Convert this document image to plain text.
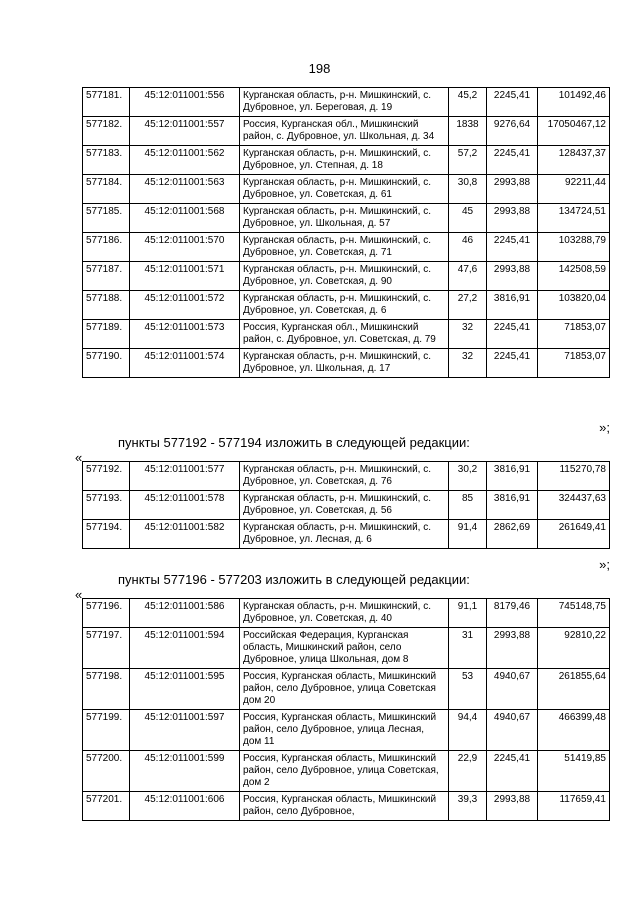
198
577181.	45:12:011001:556	Курганская область, р-н. Мишкинский, с. Дубровное, ул. Береговая, д. 19	45,2	2245,41	101492,46
577182.	45:12:011001:557	Россия, Курганская обл., Мишкинский район, с. Дубровное, ул. Школьная, д. 34	1838	9276,64	17050467,12
577183.	45:12:011001:562	Курганская область, р-н. Мишкинский, с. Дубровное, ул. Степная, д. 18	57,2	2245,41	128437,37
577184.	45:12:011001:563	Курганская область, р-н. Мишкинский, с. Дубровное, ул. Советская, д. 61	30,8	2993,88	92211,44
577185.	45:12:011001:568	Курганская область, р-н. Мишкинский, с. Дубровное, ул. Школьная, д. 57	45	2993,88	134724,51
577186.	45:12:011001:570	Курганская область, р-н. Мишкинский, с. Дубровное, ул. Советская, д. 71	46	2245,41	103288,79
577187.	45:12:011001:571	Курганская область, р-н. Мишкинский, с. Дубровное, ул. Советская, д. 90	47,6	2993,88	142508,59
577188.	45:12:011001:572	Курганская область, р-н. Мишкинский, с. Дубровное, ул. Советская, д. 6	27,2	3816,91	103820,04
577189.	45:12:011001:573	Россия, Курганская обл., Мишкинский район, с. Дубровное, ул. Советская, д. 79	32	2245,41	71853,07
577190.	45:12:011001:574	Курганская область, р-н. Мишкинский, с. Дубровное, ул. Школьная, д. 17	32	2245,41	71853,07
»;
пункты 577192 - 577194 изложить в следующей редакции:
«
577192.	45:12:011001:577	Курганская область, р-н. Мишкинский, с. Дубровное, ул. Советская, д. 76	30,2	3816,91	115270,78
577193.	45:12:011001:578	Курганская область, р-н. Мишкинский, с. Дубровное, ул. Советская, д. 56	85	3816,91	324437,63
577194.	45:12:011001:582	Курганская область, р-н. Мишкинский, с. Дубровное, ул. Лесная, д. 6	91,4	2862,69	261649,41
»;
пункты 577196 - 577203 изложить в следующей редакции:
«
577196.	45:12:011001:586	Курганская область, р-н. Мишкинский, с. Дубровное, ул. Советская, д. 40	91,1	8179,46	745148,75
577197.	45:12:011001:594	Российская Федерация, Курганская область, Мишкинский район, село Дубровное, улица Школьная, дом 8	31	2993,88	92810,22
577198.	45:12:011001:595	Россия, Курганская область, Мишкинский район, село Дубровное, улица Советская дом 20	53	4940,67	261855,64
577199.	45:12:011001:597	Россия, Курганская область, Мишкинский район, село Дубровное, улица Лесная, дом 11	94,4	4940,67	466399,48
577200.	45:12:011001:599	Россия, Курганская область, Мишкинский район, село Дубровное, улица Советская, дом 2	22,9	2245,41	51419,85
577201.	45:12:011001:606	Россия, Курганская область, Мишкинский район, село Дубровное,	39,3	2993,88	117659,41
